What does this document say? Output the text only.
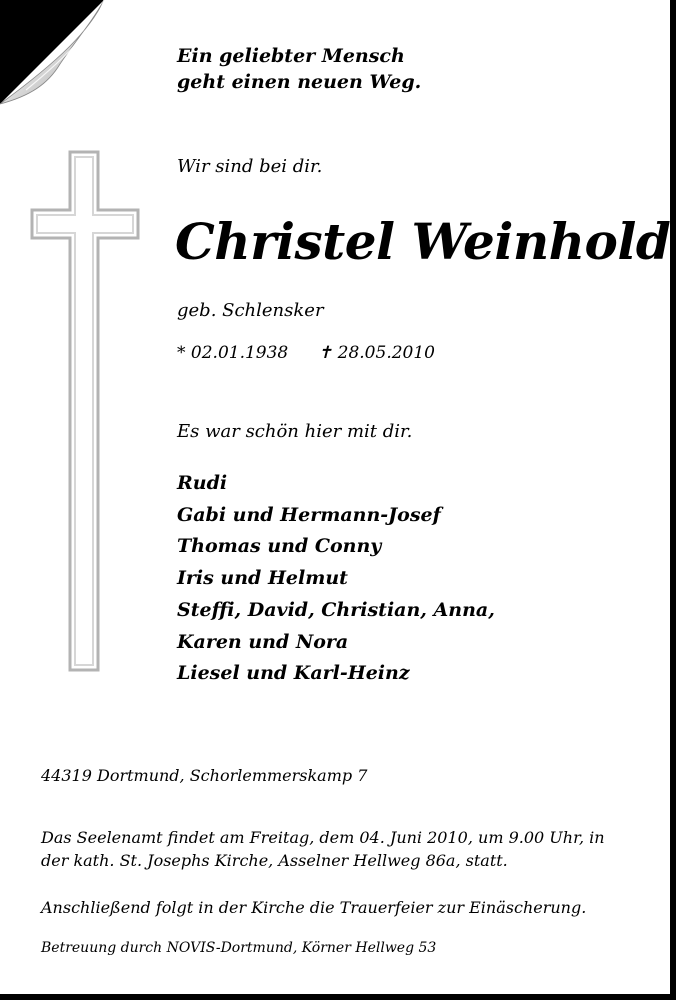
Ein geliebter Mensch
geht einen neuen Weg.
Wir sind bei dir.
Christel Weinhold
geb. Schlensker
* 02.01.1938 ✝ 28.05.2010
Es war schön hier mit dir.
Rudi
Gabi und Hermann-Josef
Thomas und Conny
Iris und Helmut
Steffi, David, Christian, Anna,
Karen und Nora
Liesel und Karl-Heinz
44319 Dortmund, Schorlemmerskamp 7
Das Seelenamt findet am Freitag, dem 04. Juni 2010, um 9.00 Uhr, in
der kath. St. Josephs Kirche, Asselner Hellweg 86a, statt.
Anschließend folgt in der Kirche die Trauerfeier zur Einäscherung.
Betreuung durch NOVIS-Dortmund, Körner Hellweg 53
